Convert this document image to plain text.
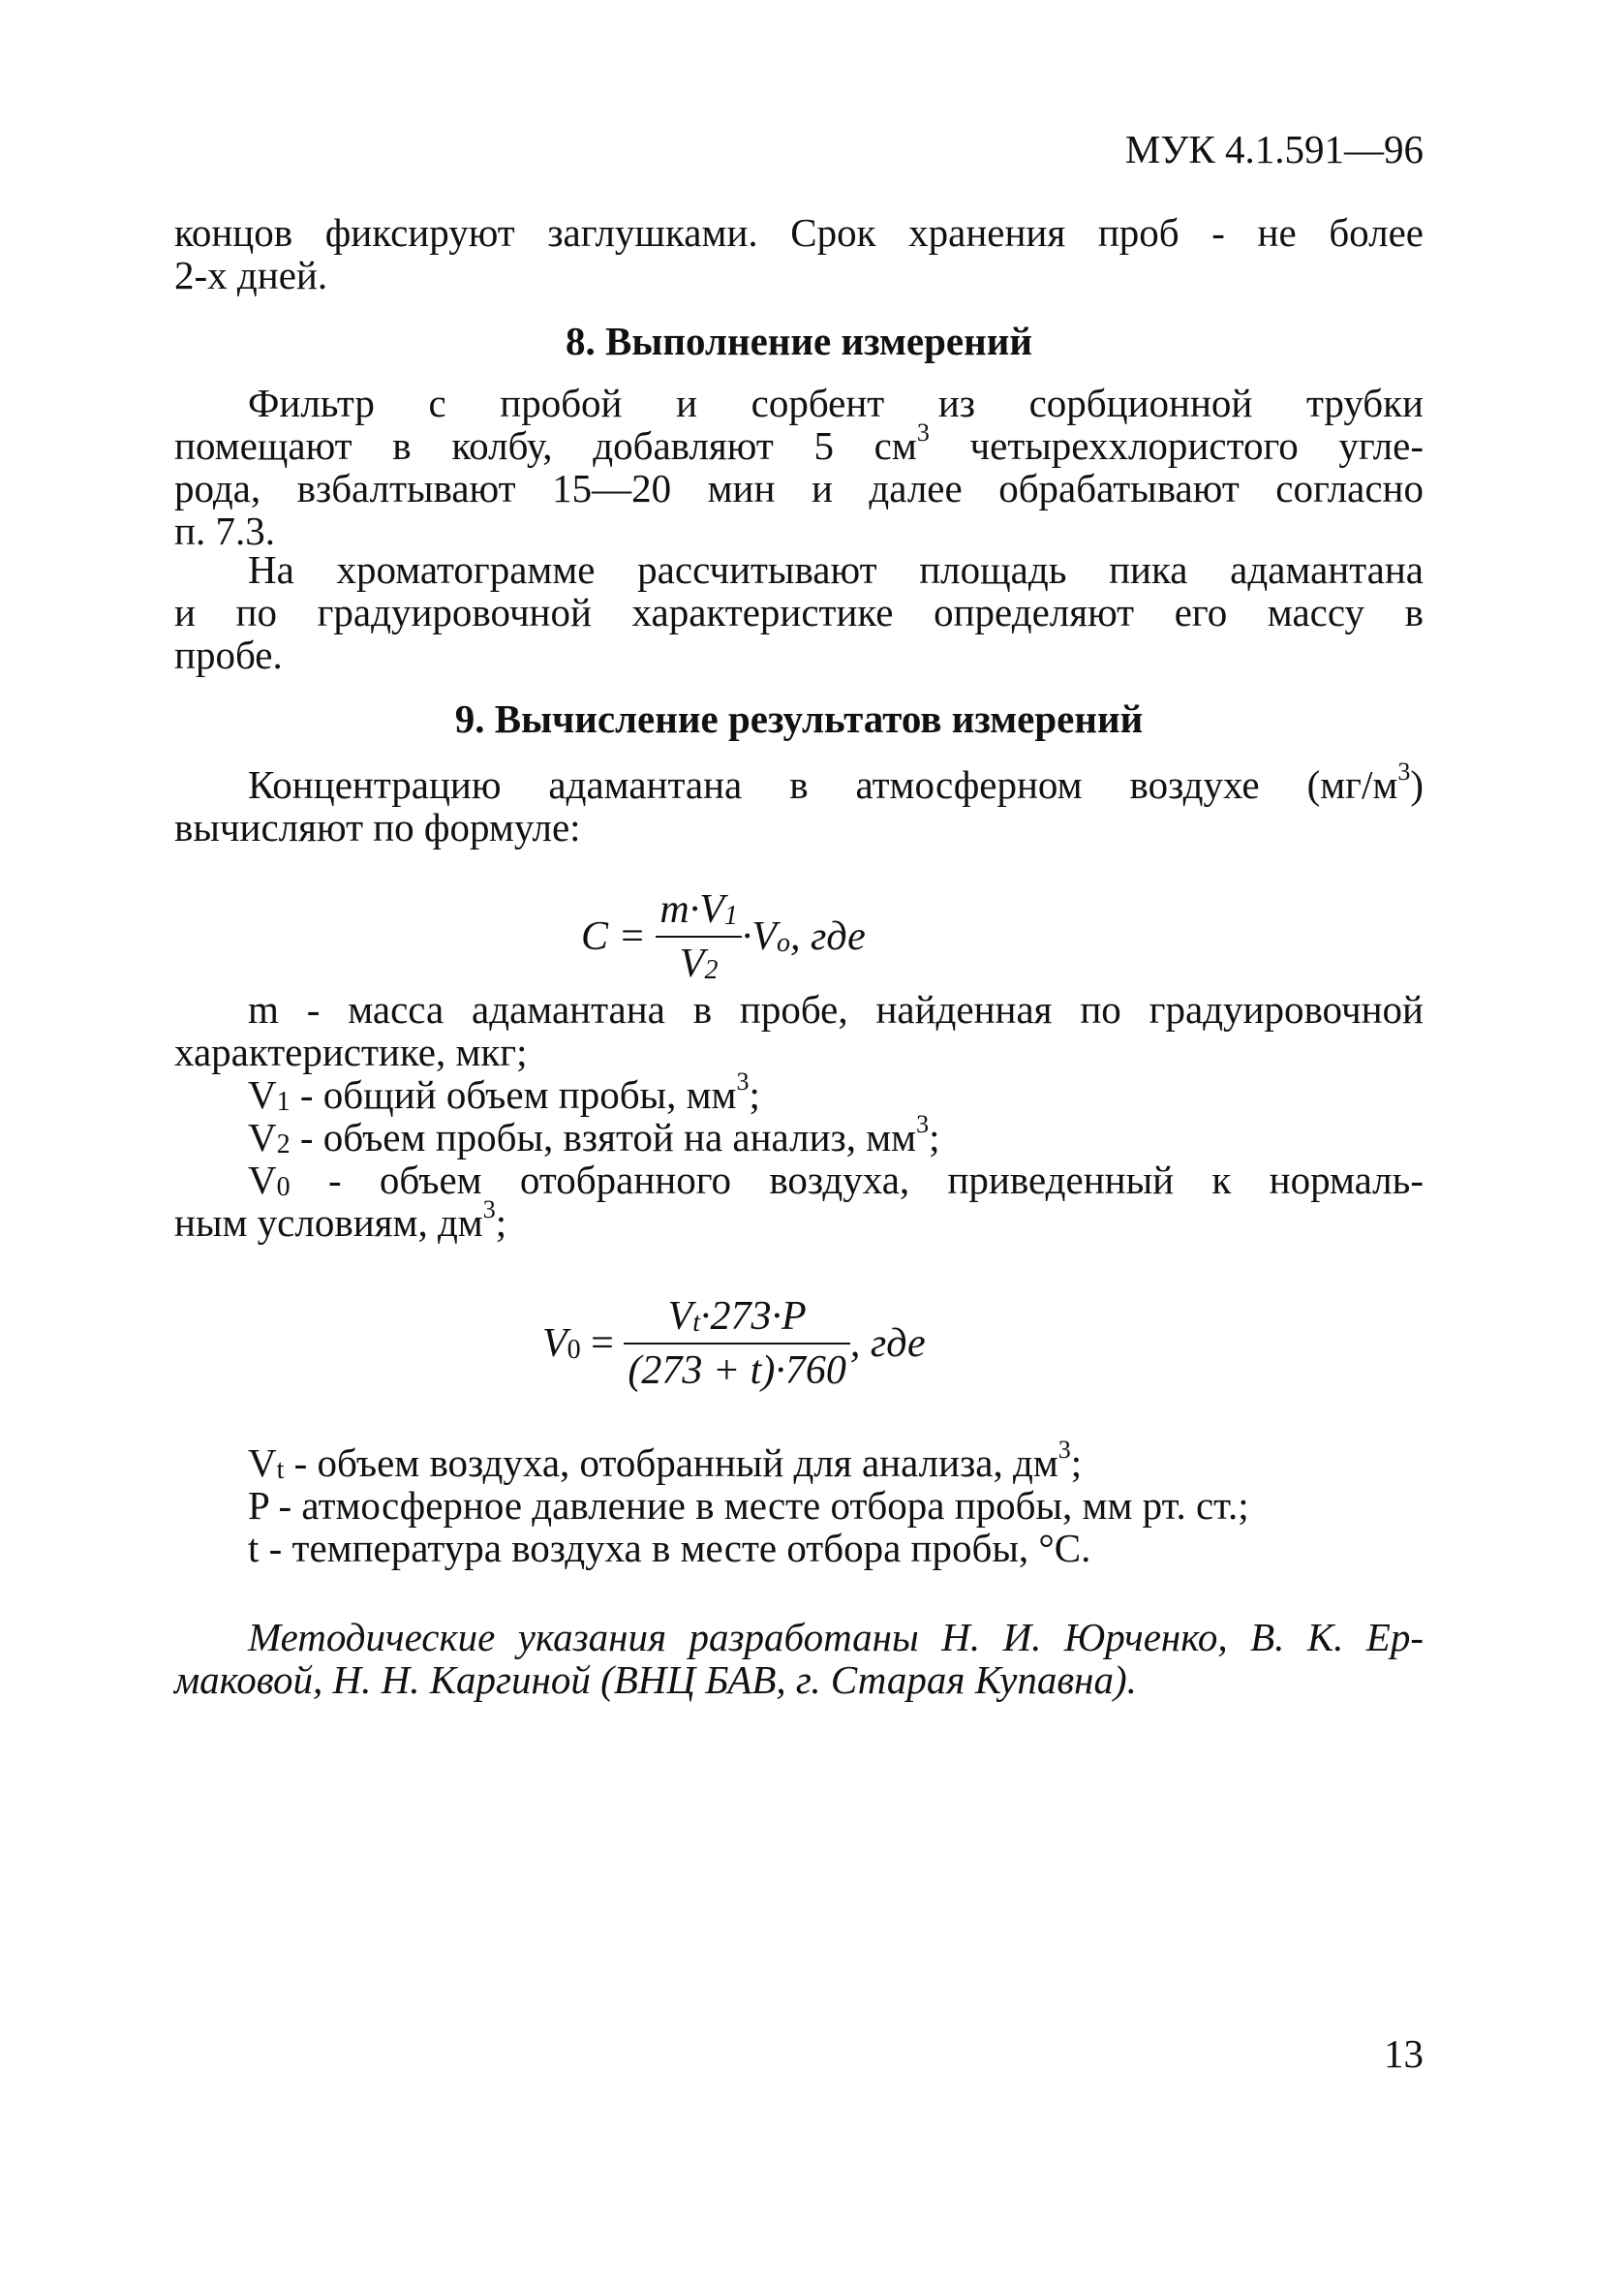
МУК 4.1.591—96
концов фиксируют заглушками. Срок хранения проб - не более
2-х дней.
8. Выполнение измерений
Фильтр с пробой и сорбент из сорбционной трубки
помещают в колбу, добавляют 5 $см^3$ четыреххлористого угле-
рода, взбалтывают 15—20 мин и далее обрабатывают согласно
п. 7.3.
На хроматограмме рассчитывают площадь пика адамантана
и по градуировочной характеристике определяют его массу в
пробе.
9. Вычисление результатов измерений
Концентрацию адамантана в атмосферном воздухе $(мг/м^3)$
вычисляют по формуле:
$C = \frac{m\cdot V_1}{V_2} \cdot V_o$, где
m - масса адамантана в пробе, найденная по градуировочной
характеристике, мкг;
$V_1$ - общий объем пробы, $мм^3$;
$V_2$ - объем пробы, взятой на анализ, $мм^3$;
$V_0$ - объем отобранного воздуха, приведенный к нормаль-
ным условиям, $дм^3$;
$V_0 = \frac{V_t\cdot 273\cdot P}{(273 + t)\cdot 760}$ , где
$V_t$ - объем воздуха, отобранный для анализа, $дм^3$;
P - атмосферное давление в месте отбора пробы, мм рт. ст.;
t - температура воздуха в месте отбора пробы, °С.
Методические указания разработаны Н. И. Юрченко, В. К. Ер-
маковой, Н. Н. Каргиной (ВНЦ БАВ, г. Старая Купавна).
13
